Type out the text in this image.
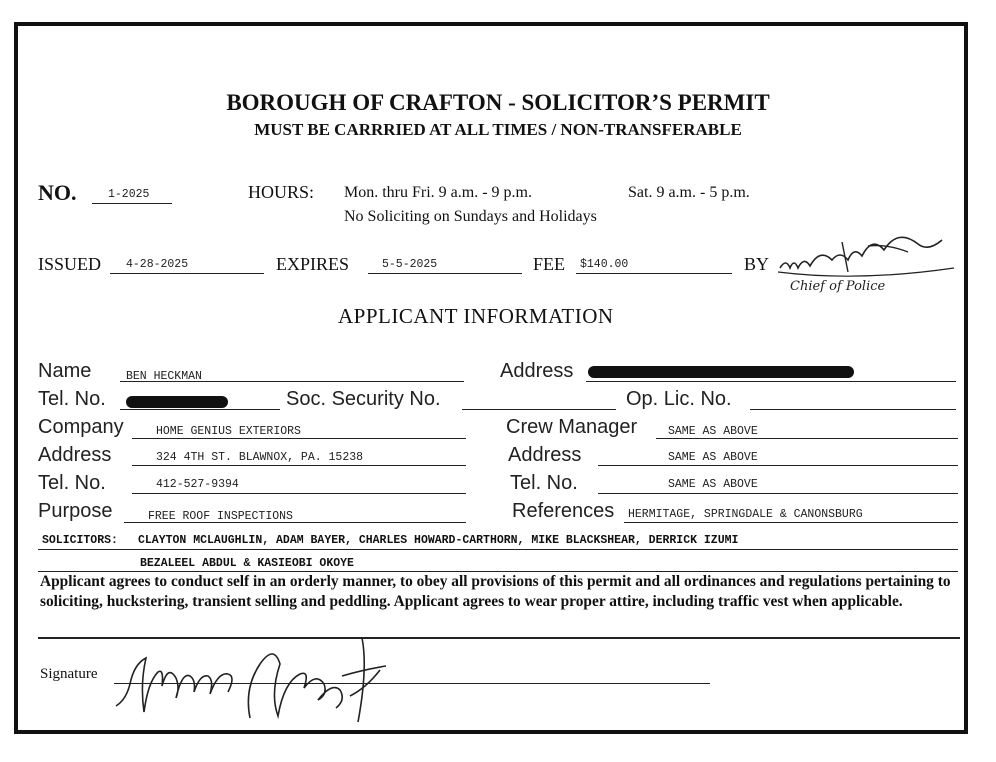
BOROUGH OF CRAFTON - SOLICITOR’S PERMIT
MUST BE CARRRIED AT ALL TIMES / NON-TRANSFERABLE
NO.	1-2025	HOURS: Mon. thru Fri. 9 a.m. - 9 p.m.	Sat. 9 a.m. - 5 p.m.
No Soliciting on Sundays and Holidays
ISSUED 4-28-2025	EXPIRES	5-5-2025	FEE $140.00	BY
Chief of Police
APPLICANT INFORMATION
Name	BEN HECKMAN	Address
Tel. No.	Soc. Security No.	Op. Lic. No.
Company	HOME GENIUS EXTERIORS	Crew Manager	SAME AS ABOVE
Address	324 4TH ST. BLAWNOX, PA. 15238	Address	SAME AS ABOVE
Tel. No.	412-527-9394	Tel. No.	SAME AS ABOVE
Purpose	FREE ROOF INSPECTIONS	References HERMITAGE, SPRINGDALE & CANONSBURG
SOLICITORS: CLAYTON MCLAUGHLIN, ADAM BAYER, CHARLES HOWARD-CARTHORN, MIKE BLACKSHEAR, DERRICK IZUMI
BEZALEEL ABDUL & KASIEOBI OKOYE
Applicant agrees to conduct self in an orderly manner, to obey all provisions of this permit and all ordinances and regulations pertaining to soliciting, huckstering, transient selling and peddling. Applicant agrees to wear proper attire, including traffic vest when applicable.
Signature
